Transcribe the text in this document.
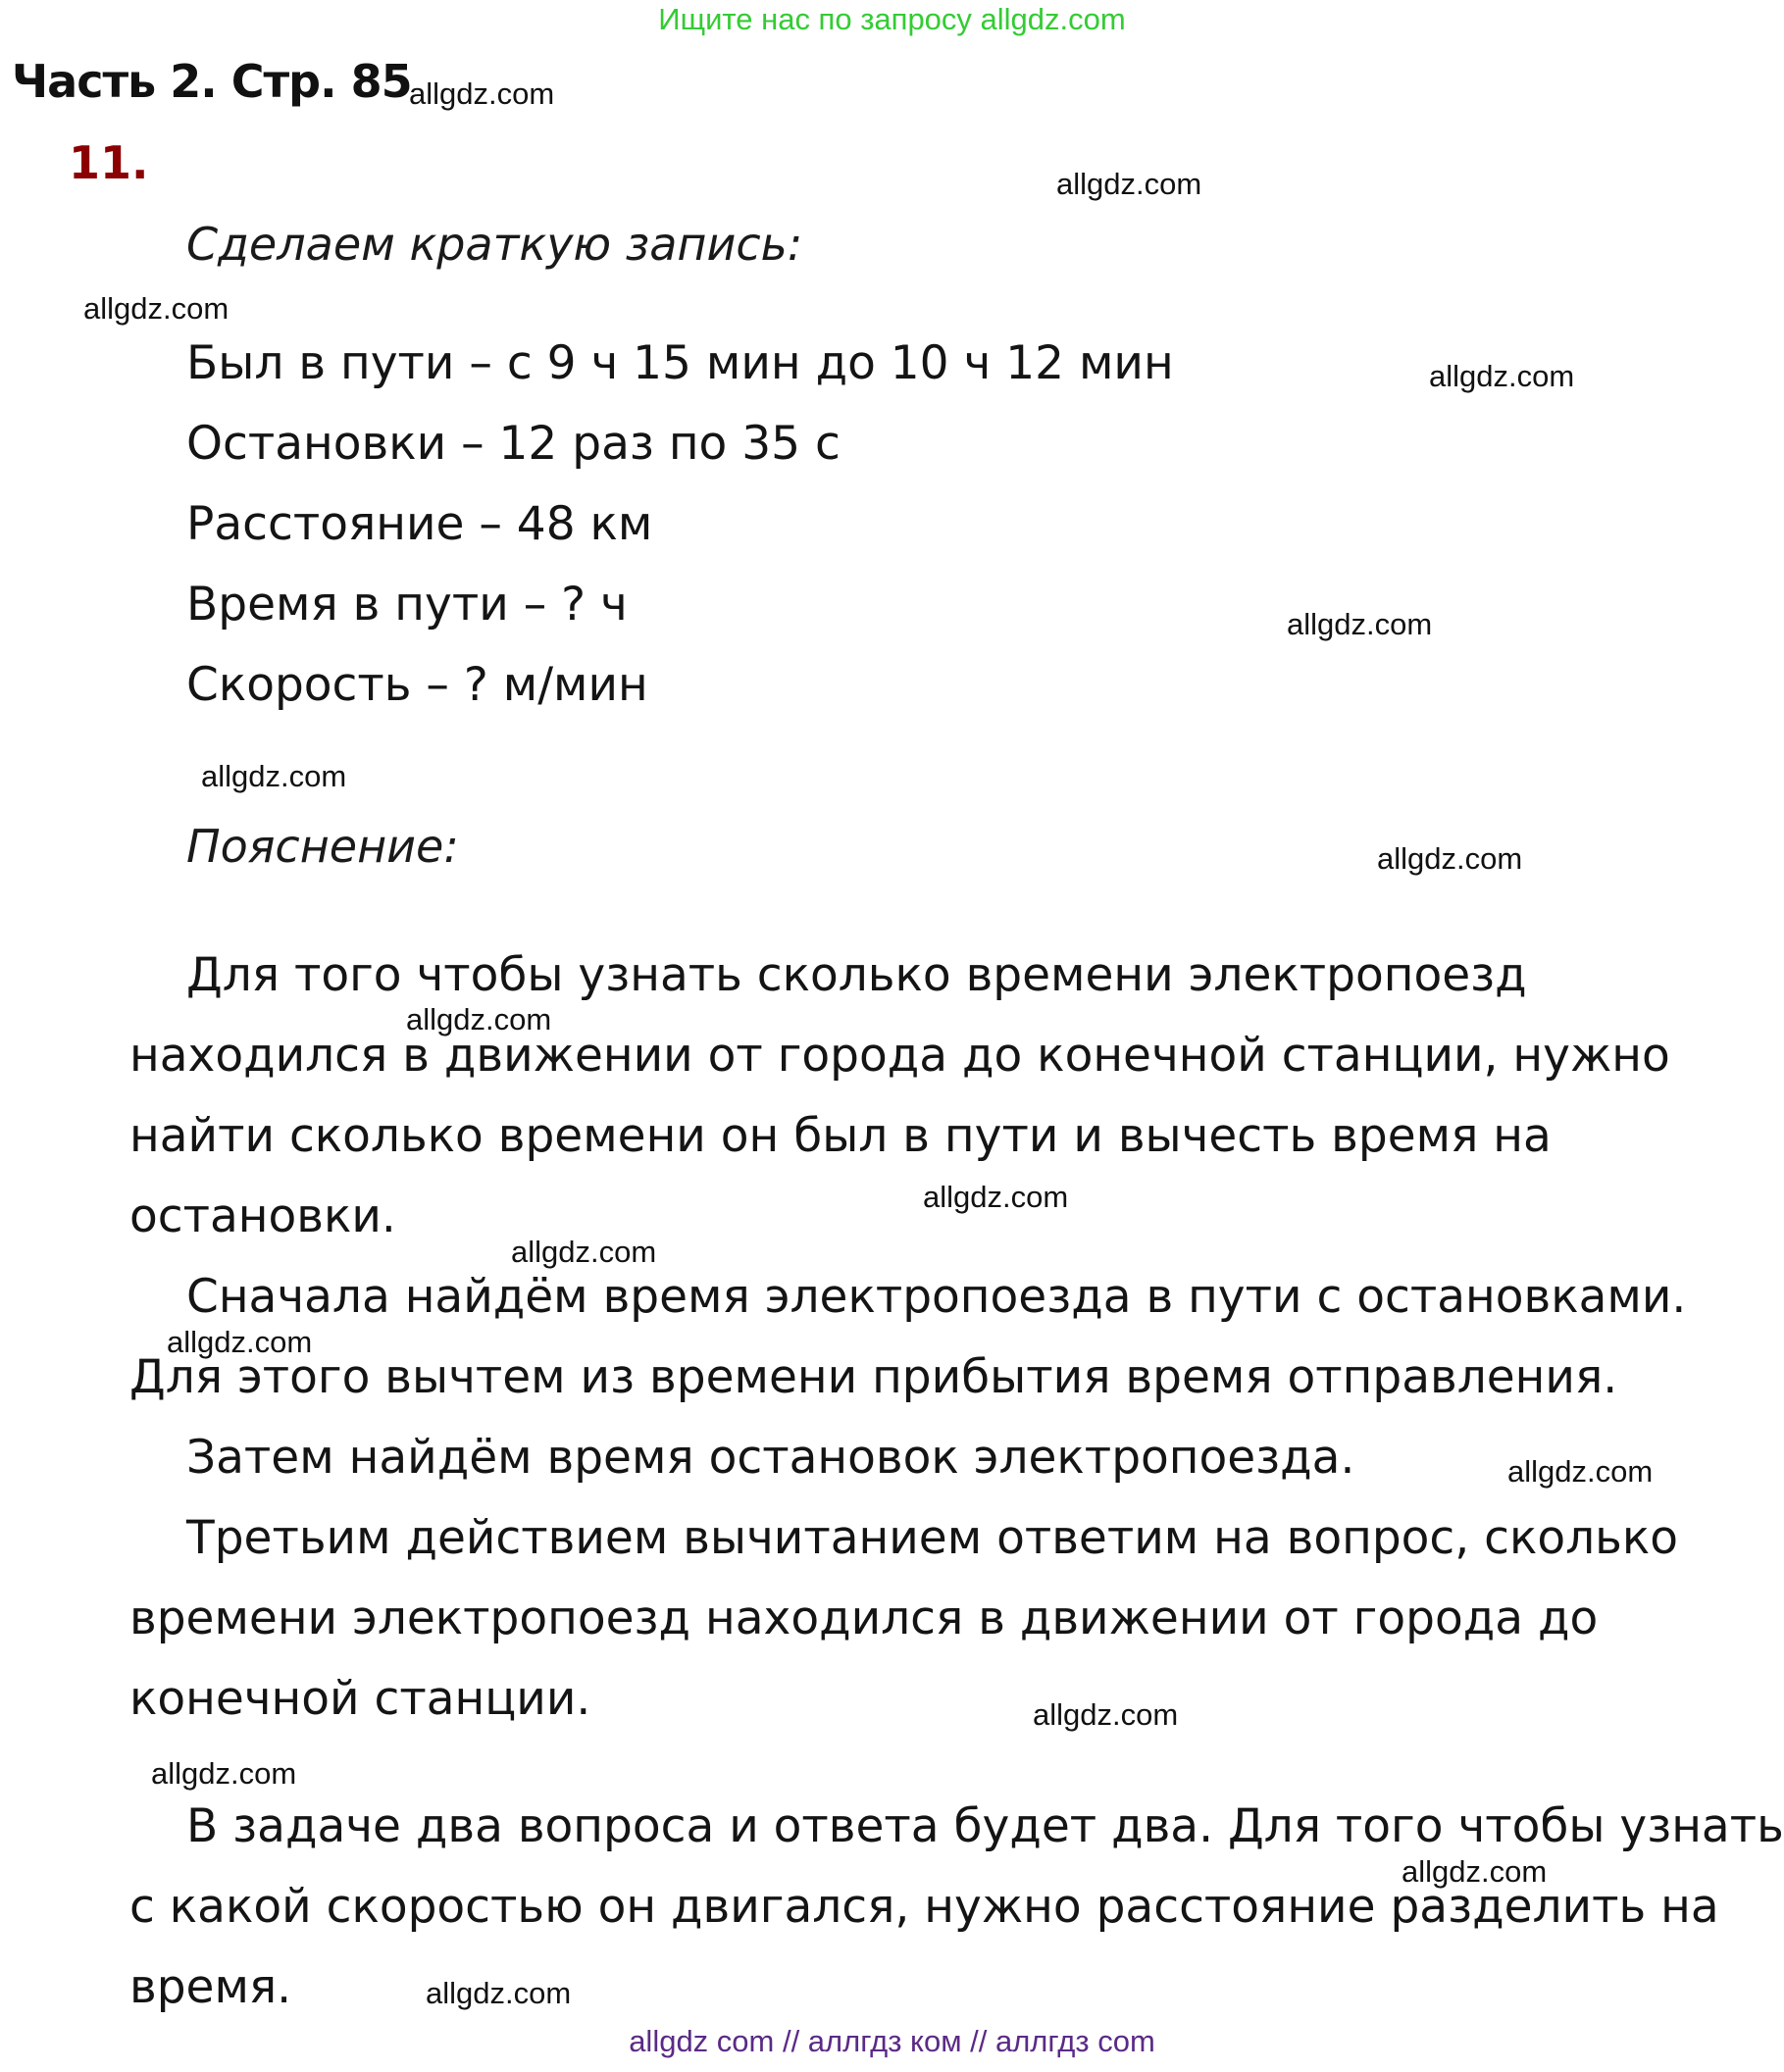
Ищите нас по запросу allgdz.com
Часть 2. Стр. 85
11.
Сделаем краткую запись:
Был в пути – с 9 ч 15 мин до 10 ч 12 мин
Остановки – 12 раз по 35 с
Расстояние – 48 км
Время в пути – ? ч
Скорость – ? м/мин
Пояснение:
Для того чтобы узнать сколько времени электропоезд
находился в движении от города до конечной станции, нужно
найти сколько времени он был в пути и вычесть время на
остановки.
Сначала найдём время электропоезда в пути с остановками.
Для этого вычтем из времени прибытия время отправления.
Затем найдём время остановок электропоезда.
Третьим действием вычитанием ответим на вопрос, сколько
времени электропоезд находился в движении от города до
конечной станции.
В задаче два вопроса и ответа будет два. Для того чтобы узнать
с какой скоростью он двигался, нужно расстояние разделить на
время.
allgdz.com
allgdz.com
allgdz.com
allgdz.com
allgdz.com
allgdz.com
allgdz.com
allgdz.com
allgdz.com
allgdz.com
allgdz.com
allgdz.com
allgdz.com
allgdz.com
allgdz.com
allgdz.com
allgdz com // аллгдз ком // аллгдз com
